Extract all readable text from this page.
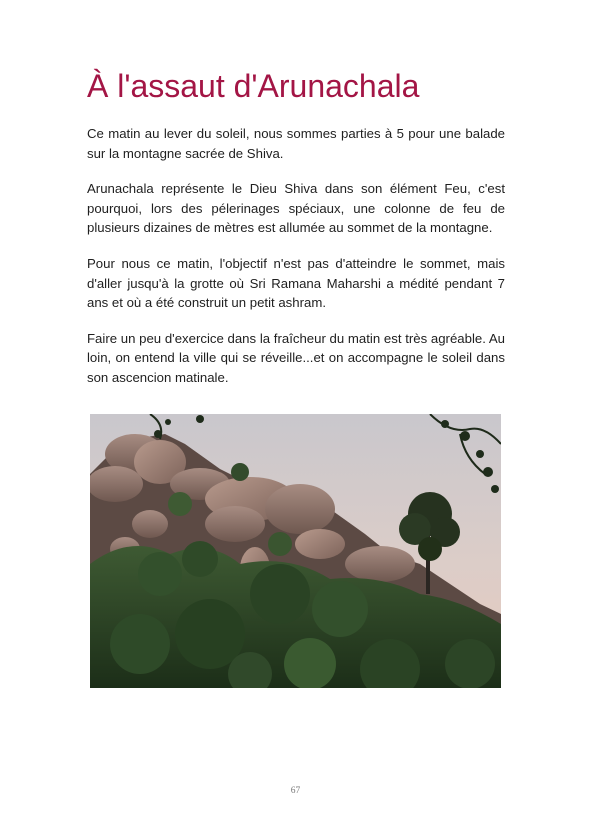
À l'assaut d'Arunachala

Ce matin au lever du soleil, nous sommes parties à 5 pour une balade sur la montagne sacrée de Shiva.

Arunachala représente le Dieu Shiva dans son élément Feu, c'est pourquoi, lors des pélerinages spéciaux, une colonne de feu de plusieurs dizaines de mètres est allumée au sommet de la montagne.

Pour nous ce matin, l'objectif n'est pas d'atteindre le sommet, mais d'aller jusqu'à la grotte où Sri Ramana Maharshi a médité pendant 7 ans et où a été construit un petit ashram.

Faire un peu d'exercice dans la fraîcheur du matin est très agréable. Au loin, on entend la ville qui se réveille...et on accompagne le soleil dans son ascencion matinale.

67
